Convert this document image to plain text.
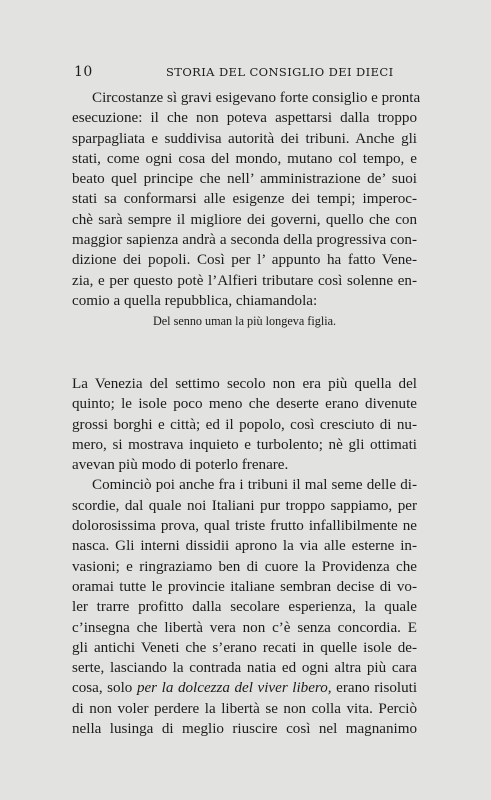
10	STORIA DEL CONSIGLIO DEI DIECI
Circostanze sì gravi esigevano forte consiglio e pronta
esecuzione: il che non poteva aspettarsi dalla troppo
sparpagliata e suddivisa autorità dei tribuni. Anche gli
stati, come ogni cosa del mondo, mutano col tempo, e
beato quel principe che nell’ amministrazione de’ suoi
stati sa conformarsi alle esigenze dei tempi; imperoc-
chè sarà sempre il migliore dei governi, quello che con
maggior sapienza andrà a seconda della progressiva con-
dizione dei popoli. Così per l’ appunto ha fatto Vene-
zia, e per questo potè l’Alfieri tributare così solenne en-
comio a quella repubblica, chiamandola:
Del senno uman la più longeva figlia.
La Venezia del settimo secolo non era più quella del
quinto; le isole poco meno che deserte erano divenute
grossi borghi e città; ed il popolo, così cresciuto di nu-
mero, si mostrava inquieto e turbolento; nè gli ottimati
avevan più modo di poterlo frenare.
Cominciò poi anche fra i tribuni il mal seme delle di-
scordie, dal quale noi Italiani pur troppo sappiamo, per
dolorosissima prova, qual triste frutto infallibilmente ne
nasca. Gli interni dissidii aprono la via alle esterne in-
vasioni; e ringraziamo ben di cuore la Providenza che
oramai tutte le provincie italiane sembran decise di vo-
ler trarre profitto dalla secolare esperienza, la quale
c’insegna che libertà vera non c’è senza concordia. E
gli antichi Veneti che s’erano recati in quelle isole de-
serte, lasciando la contrada natia ed ogni altra più cara
cosa, solo per la dolcezza del viver libero, erano risoluti
di non voler perdere la libertà se non colla vita. Perciò
nella lusinga di meglio riuscire così nel magnanimo
